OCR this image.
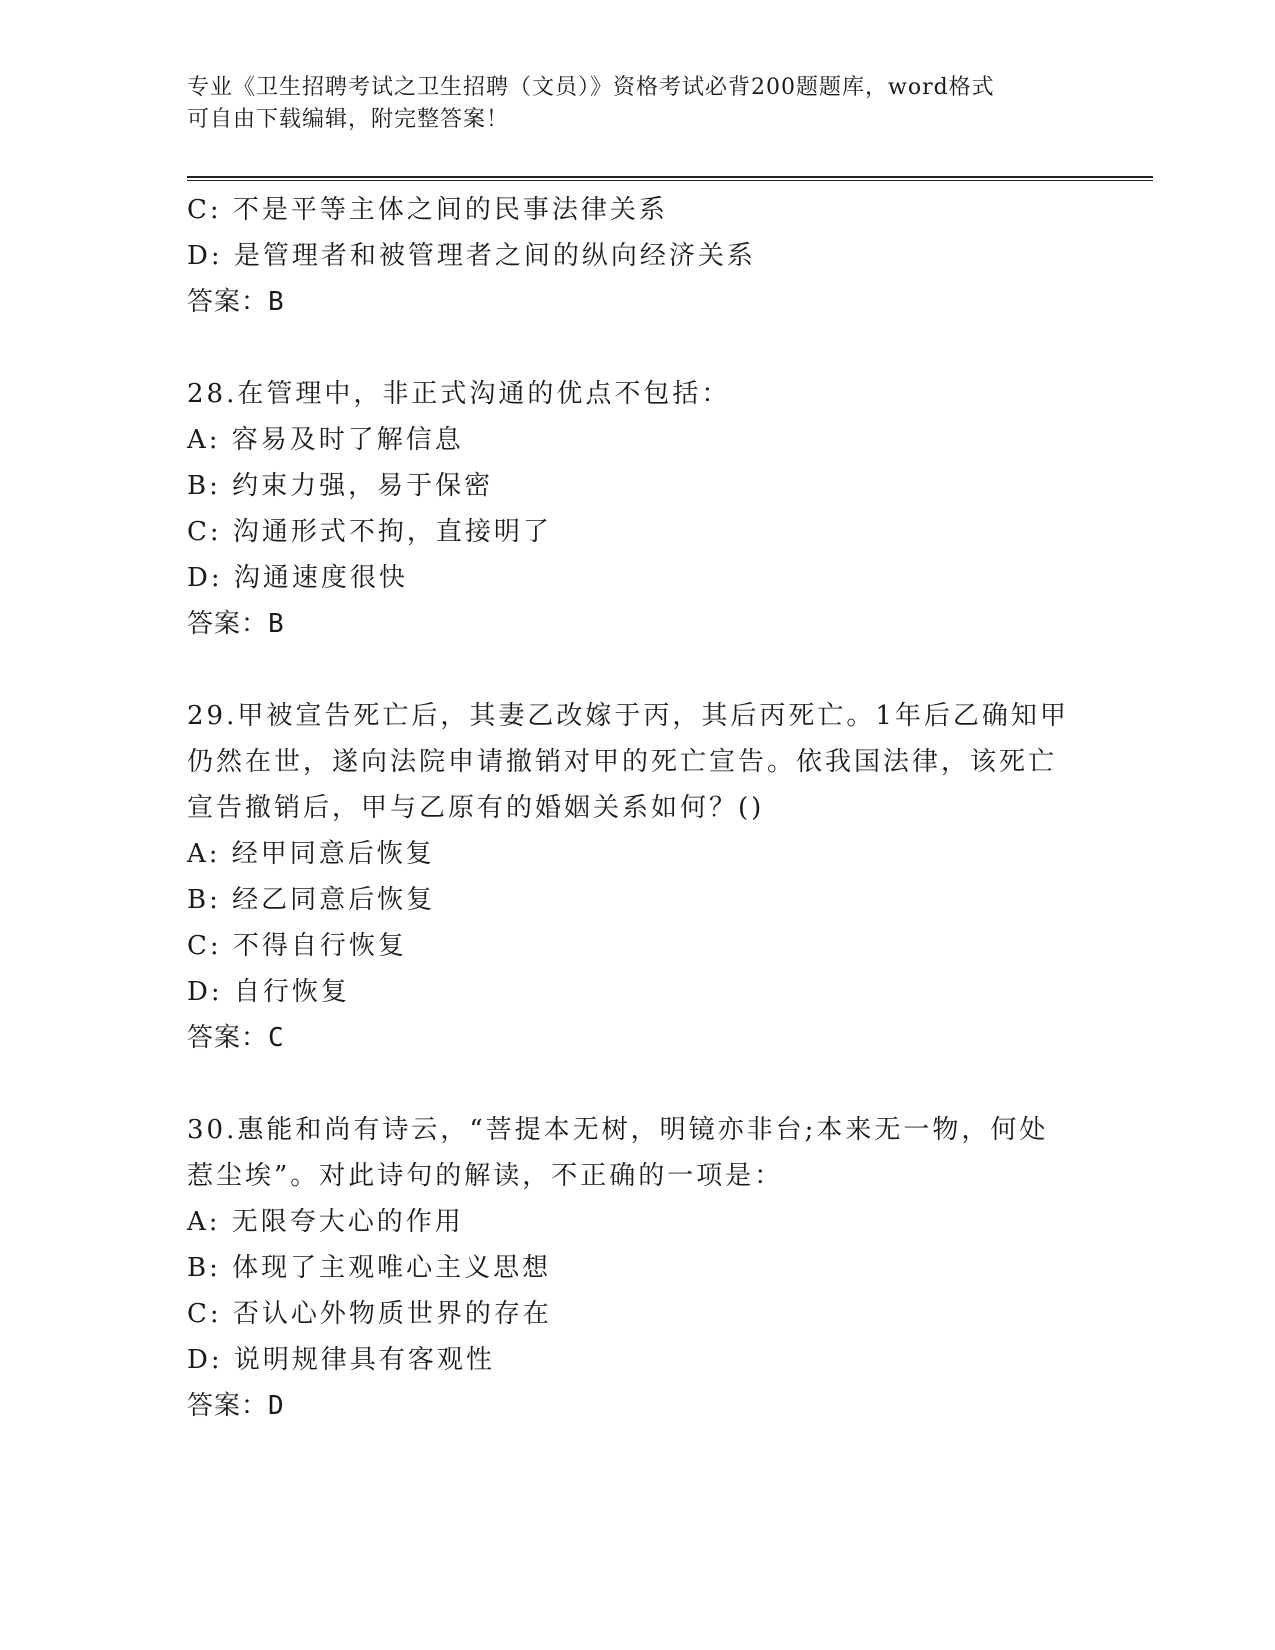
专业《卫生招聘考试之卫生招聘（文员）》资格考试必背200题题库，word格式
可自由下载编辑，附完整答案！
C: 不是平等主体之间的民事法律关系
D: 是管理者和被管理者之间的纵向经济关系
答案：B
28.在管理中，非正式沟通的优点不包括：
A: 容易及时了解信息
B: 约束力强，易于保密
C: 沟通形式不拘，直接明了
D: 沟通速度很快
答案：B
29.甲被宣告死亡后，其妻乙改嫁于丙，其后丙死亡。1年后乙确知甲
仍然在世，遂向法院申请撤销对甲的死亡宣告。依我国法律，该死亡
宣告撤销后，甲与乙原有的婚姻关系如何？()
A: 经甲同意后恢复
B: 经乙同意后恢复
C: 不得自行恢复
D: 自行恢复
答案：C
30.惠能和尚有诗云，“菩提本无树，明镜亦非台;本来无一物，何处
惹尘埃”。对此诗句的解读，不正确的一项是：
A: 无限夸大心的作用
B: 体现了主观唯心主义思想
C: 否认心外物质世界的存在
D: 说明规律具有客观性
答案：D
